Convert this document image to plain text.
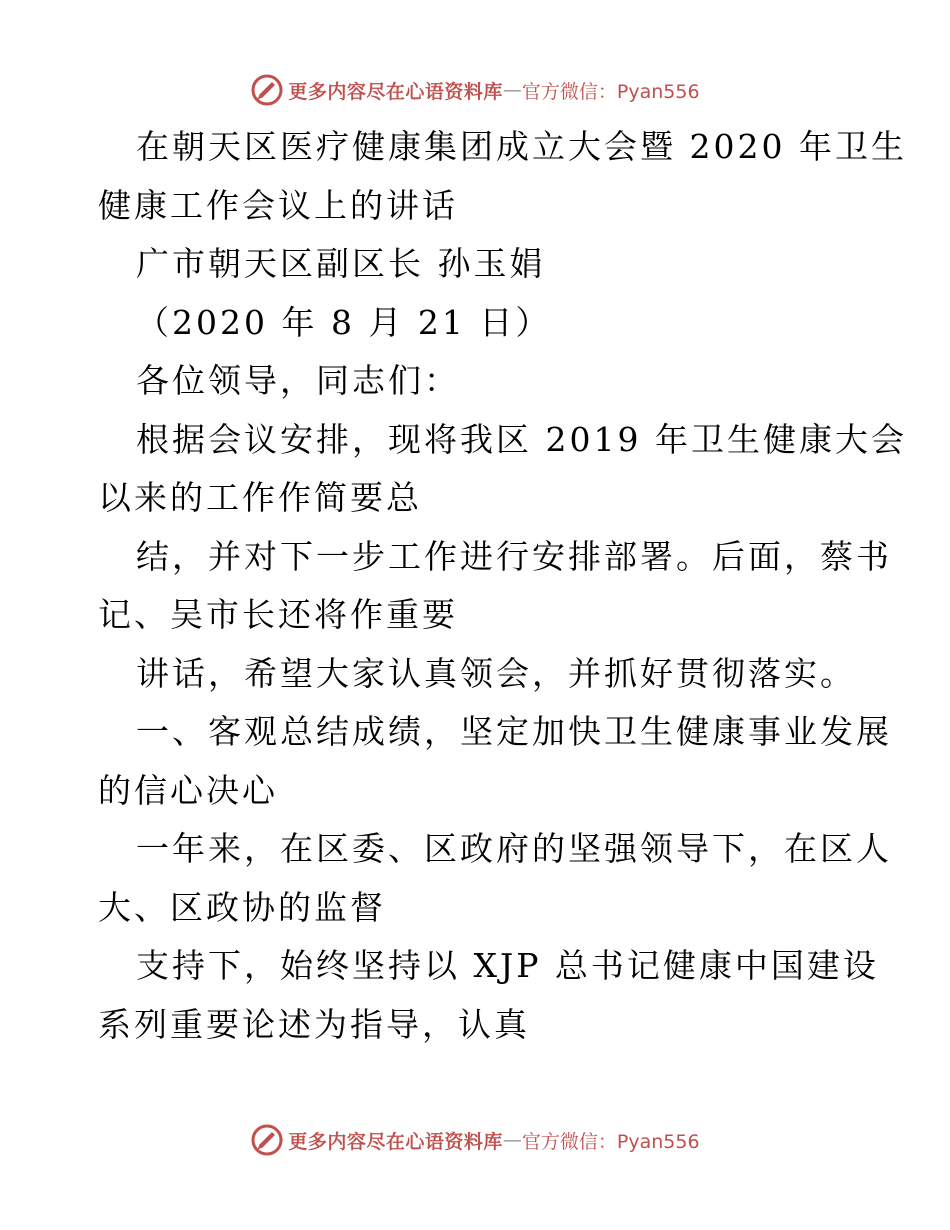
更多内容尽在心语资料库 — 官方微信：Pyan556

在朝天区医疗健康集团成立大会暨 2020 年卫生

健康工作会议上的讲话

广市朝天区副区长 孙玉娟

（2020 年 8 月 21 日）

各位领导，同志们：

根据会议安排，现将我区 2019 年卫生健康大会

以来的工作作简要总

结，并对下一步工作进行安排部署。后面，蔡书

记、吴市长还将作重要

讲话，希望大家认真领会，并抓好贯彻落实。

一、客观总结成绩，坚定加快卫生健康事业发展

的信心决心

一年来，在区委、区政府的坚强领导下，在区人

大、区政协的监督

支持下，始终坚持以 XJP 总书记健康中国建设

系列重要论述为指导，认真

更多内容尽在心语资料库 — 官方微信：Pyan556
